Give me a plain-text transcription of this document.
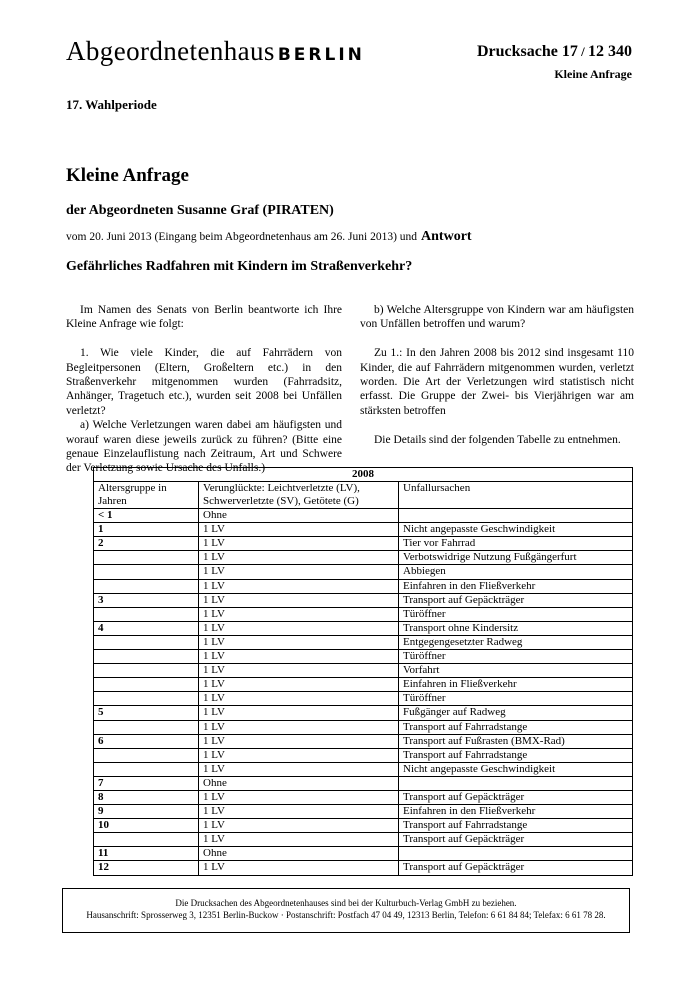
Abgeordnetenhaus BERLIN	Drucksache 17 / 12 340
Kleine Anfrage
17. Wahlperiode
Kleine Anfrage
der Abgeordneten Susanne Graf (PIRATEN)
vom 20. Juni 2013 (Eingang beim Abgeordnetenhaus am 26. Juni 2013) und Antwort
Gefährliches Radfahren mit Kindern im Straßenverkehr?

Im Namen des Senats von Berlin beantworte ich Ihre Kleine Anfrage wie folgt:

1. Wie viele Kinder, die auf Fahrrädern von Begleitpersonen (Eltern, Großeltern etc.) in den Straßenverkehr mitgenommen wurden (Fahrradsitz, Anhänger, Tragetuch etc.), wurden seit 2008 bei Unfällen verletzt?

a) Welche Verletzungen waren dabei am häufigsten und worauf waren diese jeweils zurück zu führen? (Bitte eine genaue Einzelauflistung nach Zeitraum, Art und Schwere der Verletzung sowie Ursache des Unfalls.)

b) Welche Altersgruppe von Kindern war am häufigsten von Unfällen betroffen und warum?

Zu 1.: In den Jahren 2008 bis 2012 sind insgesamt 110 Kinder, die auf Fahrrädern mitgenommen wurden, verletzt worden. Die Art der Verletzungen wird statistisch nicht erfasst. Die Gruppe der Zwei- bis Vierjährigen war am stärksten betroffen

Die Details sind der folgenden Tabelle zu entnehmen.

2008		
Altersgruppe in Jahren	Verunglückte: Leichtverletzte (LV), Schwerverletzte (SV), Getötete (G)	Unfallursachen
< 1	Ohne	
1	1 LV	Nicht angepasste Geschwindigkeit
2	1 LV	Tier vor Fahrrad
	1 LV	Verbotswidrige Nutzung Fußgängerfurt
	1 LV	Abbiegen
	1 LV	Einfahren in den Fließverkehr
3	1 LV	Transport auf Gepäckträger
	1 LV	Türöffner
4	1 LV	Transport ohne Kindersitz
	1 LV	Entgegengesetzter Radweg
	1 LV	Türöffner
	1 LV	Vorfahrt
	1 LV	Einfahren in Fließverkehr
	1 LV	Türöffner
5	1 LV	Fußgänger auf Radweg
	1 LV	Transport auf Fahrradstange
6	1 LV	Transport auf Fußrasten (BMX-Rad)
	1 LV	Transport auf Fahrradstange
	1 LV	Nicht angepasste Geschwindigkeit
7	Ohne	
8	1 LV	Transport auf Gepäckträger
9	1 LV	Einfahren in den Fließverkehr
10	1 LV	Transport auf Fahrradstange
	1 LV	Transport auf Gepäckträger
11	Ohne	
12	1 LV	Transport auf Gepäckträger
Die Drucksachen des Abgeordnetenhauses sind bei der Kulturbuch-Verlag GmbH zu beziehen.
Hausanschrift: Sprosserweg 3, 12351 Berlin-Buckow · Postanschrift: Postfach 47 04 49, 12313 Berlin, Telefon: 6 61 84 84; Telefax: 6 61 78 28.
